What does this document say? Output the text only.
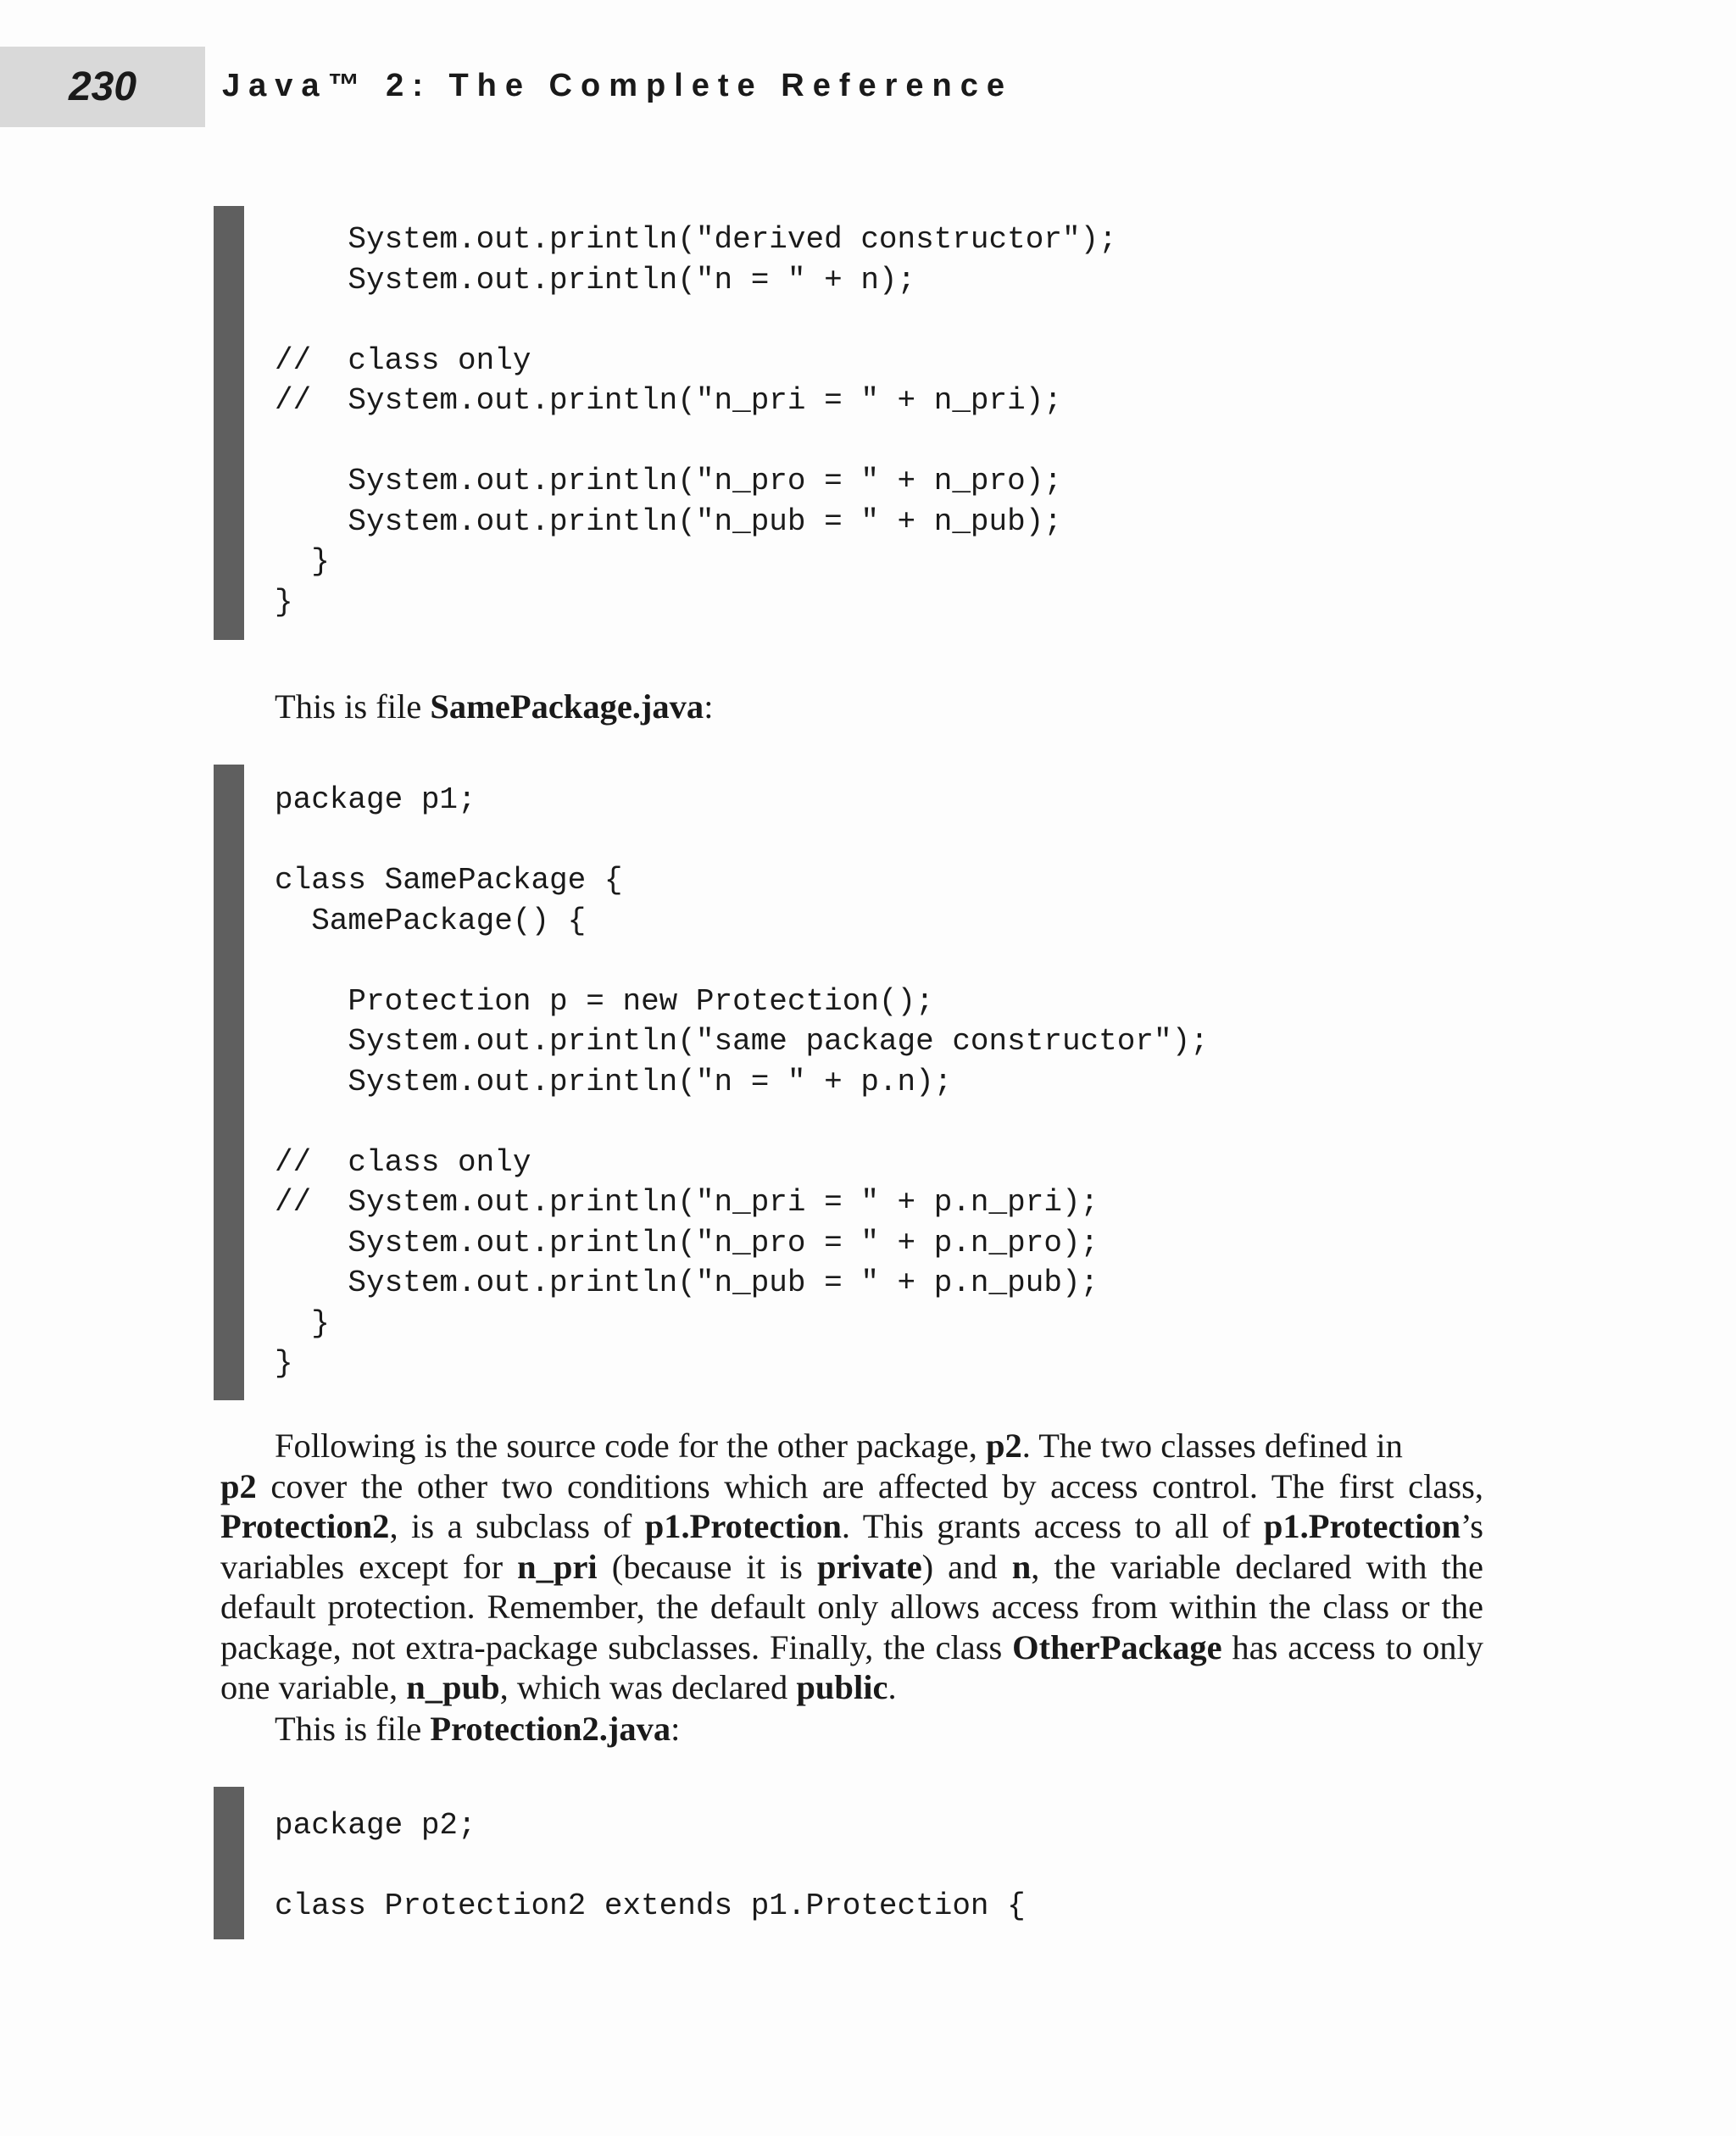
230	Java™ 2: The Complete Reference
System.out.println("derived constructor");
System.out.println("n = " + n);

//  class only
//  System.out.println("n_pri = " + n_pri);

System.out.println("n_pro = " + n_pro);
System.out.println("n_pub = " + n_pub);
}
}

This is file SamePackage.java:

package p1;

class SamePackage {
SamePackage() {

Protection p = new Protection();
System.out.println("same package constructor");
System.out.println("n = " + p.n);

//  class only
//  System.out.println("n_pri = " + p.n_pri);
System.out.println("n_pro = " + p.n_pro);
System.out.println("n_pub = " + p.n_pub);
}
}

Following is the source code for the other package, p2. The two classes defined in
p2 cover the other two conditions which are affected by access control. The first class, Protection2, is a subclass of p1.Protection. This grants access to all of p1.Protection’s variables except for n_pri (because it is private) and n, the variable declared with the default protection. Remember, the default only allows access from within the class or the package, not extra-package subclasses. Finally, the class OtherPackage has access to only one variable, n_pub, which was declared public.

This is file Protection2.java:

package p2;

class Protection2 extends p1.Protection {
